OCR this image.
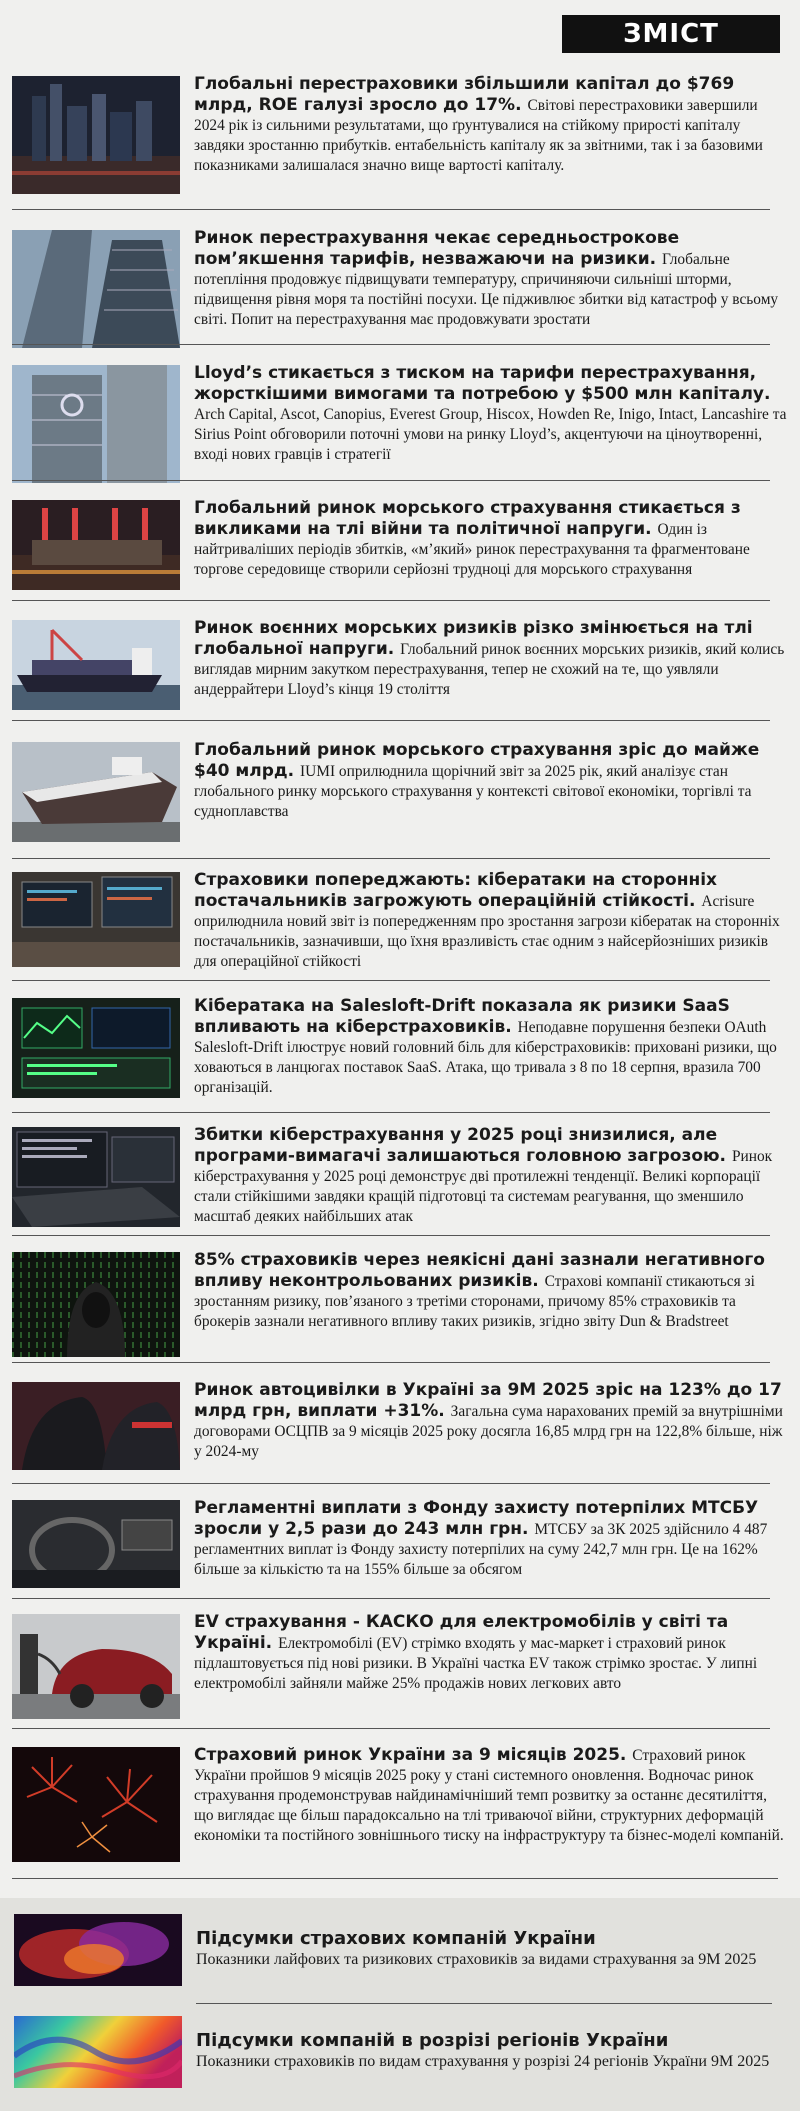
ЗМІСТ
Глобальні перестраховики збільшили капітал до $769 млрд, ROE галузі зросло до 17%. Світові перестраховики завершили 2024 рік із сильними результатами, що ґрунтувалися на стійкому прирості капіталу завдяки зростанню прибутків. ентабельність капіталу як за звітними, так і за базовими показниками залишалася значно вище вартості капіталу.
Ринок перестрахування чекає середньострокове пом’якшення тарифів, незважаючи на ризики. Глобальне потепління продовжує підвищувати температуру, спричиняючи сильніші шторми, підвищення рівня моря та постійні посухи. Це підживлює збитки від катастроф у всьому світі. Попит на перестрахування має продовжувати зростати
Lloyd’s стикається з тиском на тарифи перестрахування, жорсткішими вимогами та потребою у $500 млн капіталу. Arch Capital, Ascot, Canopius, Everest Group, Hiscox, Howden Re, Inigo, Intact, Lancashire та Sirius Point обговорили поточні умови на ринку Lloyd’s, акцентуючи на ціноутворенні, вході нових гравців і стратегії
Глобальний ринок морського страхування стикається з викликами на тлі війни та політичної напруги. Один із найтривaліших періодів збитків, «м’який» ринок перестрахування та фрагментоване торгове середовище створили серйозні трудноці для морського страхування
Ринок воєнних морських ризиків різко змінюється на тлі глобальної напруги. Глобальний ринок воєнних морських ризиків, який колись виглядав мирним закутком перестрахування, тепер не схожий на те, що уявляли андеррайтери Lloyd’s кінця 19 століття
Глобальний ринок морського страхування зріс до майже $40 млрд. IUMI оприлюднила щорічний звіт за 2025 рік, який аналізує стан глобального ринку морського страхування у контексті світової економіки, торгівлі та судноплавства
Страховики попереджають: кібератаки на сторонніх постачальників загрожують операційній стійкості. Acrisure оприлюднила новий звіт із попередженням про зростання загрози кібератак на сторонніх постачальників, зазначивши, що їхня вразливість стає одним з найсерйозніших ризиків для операційної стійкості
Кібератака на Salesloft-Drift показала як ризики SaaS впливають на кіберстраховиків. Неподавне порушення безпеки OAuth Salesloft-Drift ілюструє новий головний біль для кіберстраховиків: приховані ризики, що ховаються в ланцюгах поставок SaaS. Атака, що тривала з 8 по 18 серпня, вразила 700 організацій.
Збитки кіберстрахування у 2025 році знизилися, але програми-вимагачі залишаються головною загрозою. Ринок кіберстрахування у 2025 році демонструє дві протилежні тенденції. Великі корпорації стали стійкішими завдяки кращій підготовці та системам реагування, що зменшило масштаб деяких найбільших атак
85% страховиків через неякісні дані зазнали негативного впливу неконтрольованих ризиків. Страхові компанії стикаються зі зростанням ризику, пов’язаного з третіми сторонами, причому 85% страховиків та брокерів зазнали негативного впливу таких ризиків, згідно звіту Dun & Bradstreet
Ринок автоцивілки в Україні за 9М 2025 зріс на 123% до 17 млрд грн, виплати +31%. Загальна сума нарахованих премій за внутрішніми договорами ОСЦПВ за 9 місяців 2025 року досягла 16,85 млрд грн на 122,8% більше, ніж у 2024-му
Регламентні виплати з Фонду захисту потерпілих МТСБУ зросли у 2,5 рази до 243 млн грн. МТСБУ за 3К 2025 здійснило 4 487 регламентних виплат із Фонду захисту потерпілих на суму 242,7 млн грн. Це на 162% більше за кількістю та на 155% більше за обсягом
EV страхування - КАСКО для електромобілів у світі та Україні. Електромобілі (EV) стрімко входять у мас-маркет і страховий ринок підлаштовується під нові ризики. В Україні частка EV також стрімко зростає. У липні електромобілі зайняли майже 25% продажів нових легкових авто
Страховий ринок України за 9 місяців 2025. Страховий ринок України пройшов 9 місяців 2025 року у стані системного оновлення. Водночас ринок страхування продемонстрував найдинамічніший темп розвитку за останнє десятиліття, що виглядає ще більш парадоксально на тлі триваючої війни, структурних деформацій економіки та постійного зовнішнього тиску на інфраструктуру та бізнес-моделі компаній.
Підсумки страхових компаній України
Показники лайфових та ризикових страховиків за видами страхування за 9М 2025
Підсумки компаній в розрізі регіонів України
Показники страховиків по видам страхування у розрізі 24 регіонів України 9М 2025
